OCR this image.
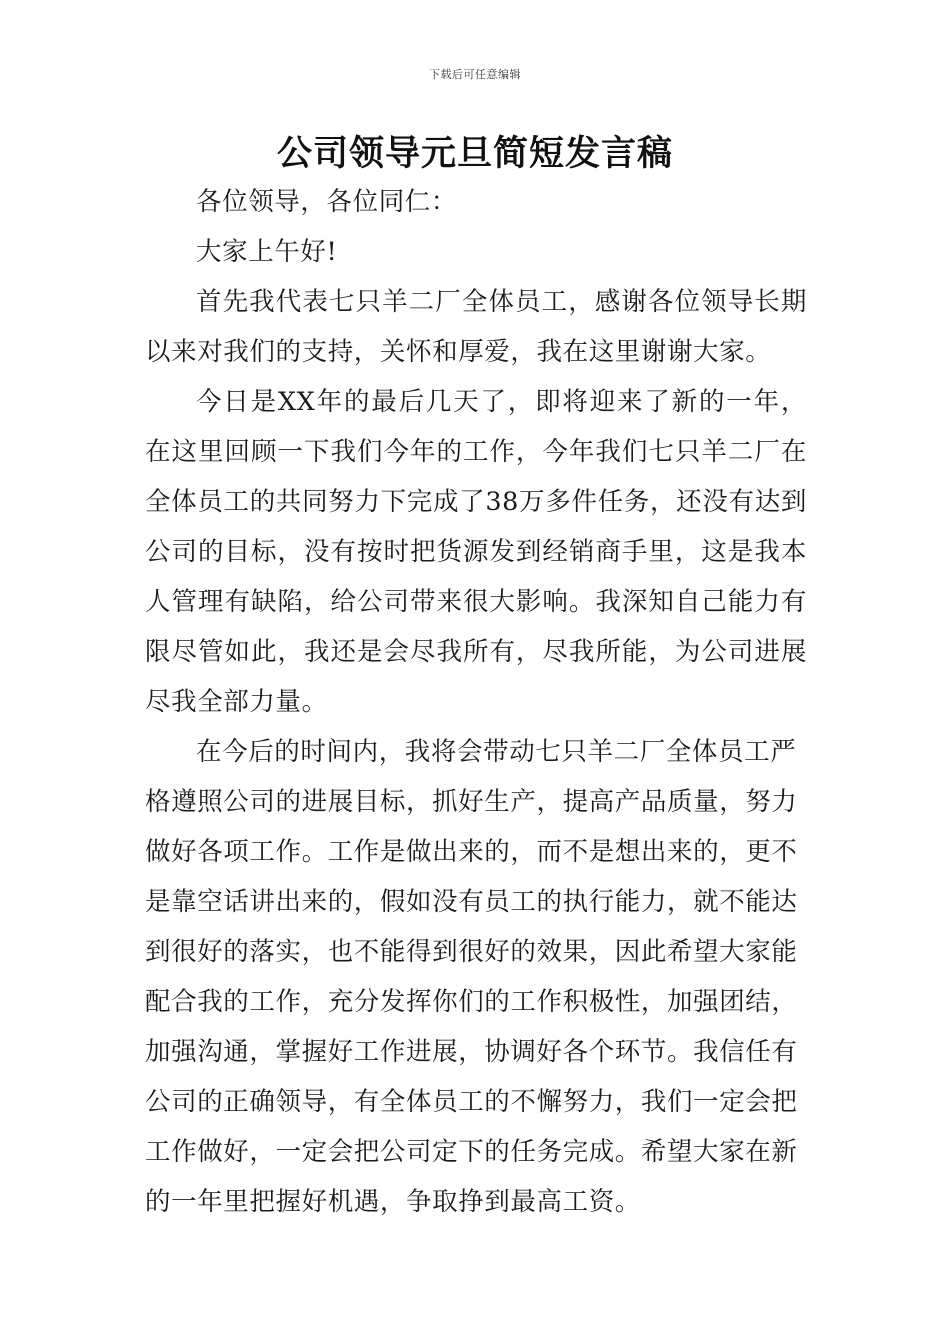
下载后可任意编辑
公司领导元旦简短发言稿

各位领导，各位同仁：

大家上午好!

首先我代表七只羊二厂全体员工，感谢各位领导长期以来对我们的支持，关怀和厚爱，我在这里谢谢大家。

今日是XX年的最后几天了，即将迎来了新的一年，在这里回顾一下我们今年的工作，今年我们七只羊二厂在全体员工的共同努力下完成了38万多件任务，还没有达到公司的目标，没有按时把货源发到经销商手里，这是我本人管理有缺陷，给公司带来很大影响。我深知自己能力有限尽管如此，我还是会尽我所有，尽我所能，为公司进展尽我全部力量。

在今后的时间内，我将会带动七只羊二厂全体员工严格遵照公司的进展目标，抓好生产，提高产品质量，努力做好各项工作。工作是做出来的，而不是想出来的，更不是靠空话讲出来的，假如没有员工的执行能力，就不能达到很好的落实，也不能得到很好的效果，因此希望大家能配合我的工作，充分发挥你们的工作积极性，加强团结，加强沟通，掌握好工作进展，协调好各个环节。我信任有公司的正确领导，有全体员工的不懈努力，我们一定会把工作做好，一定会把公司定下的任务完成。希望大家在新的一年里把握好机遇，争取挣到最高工资。
